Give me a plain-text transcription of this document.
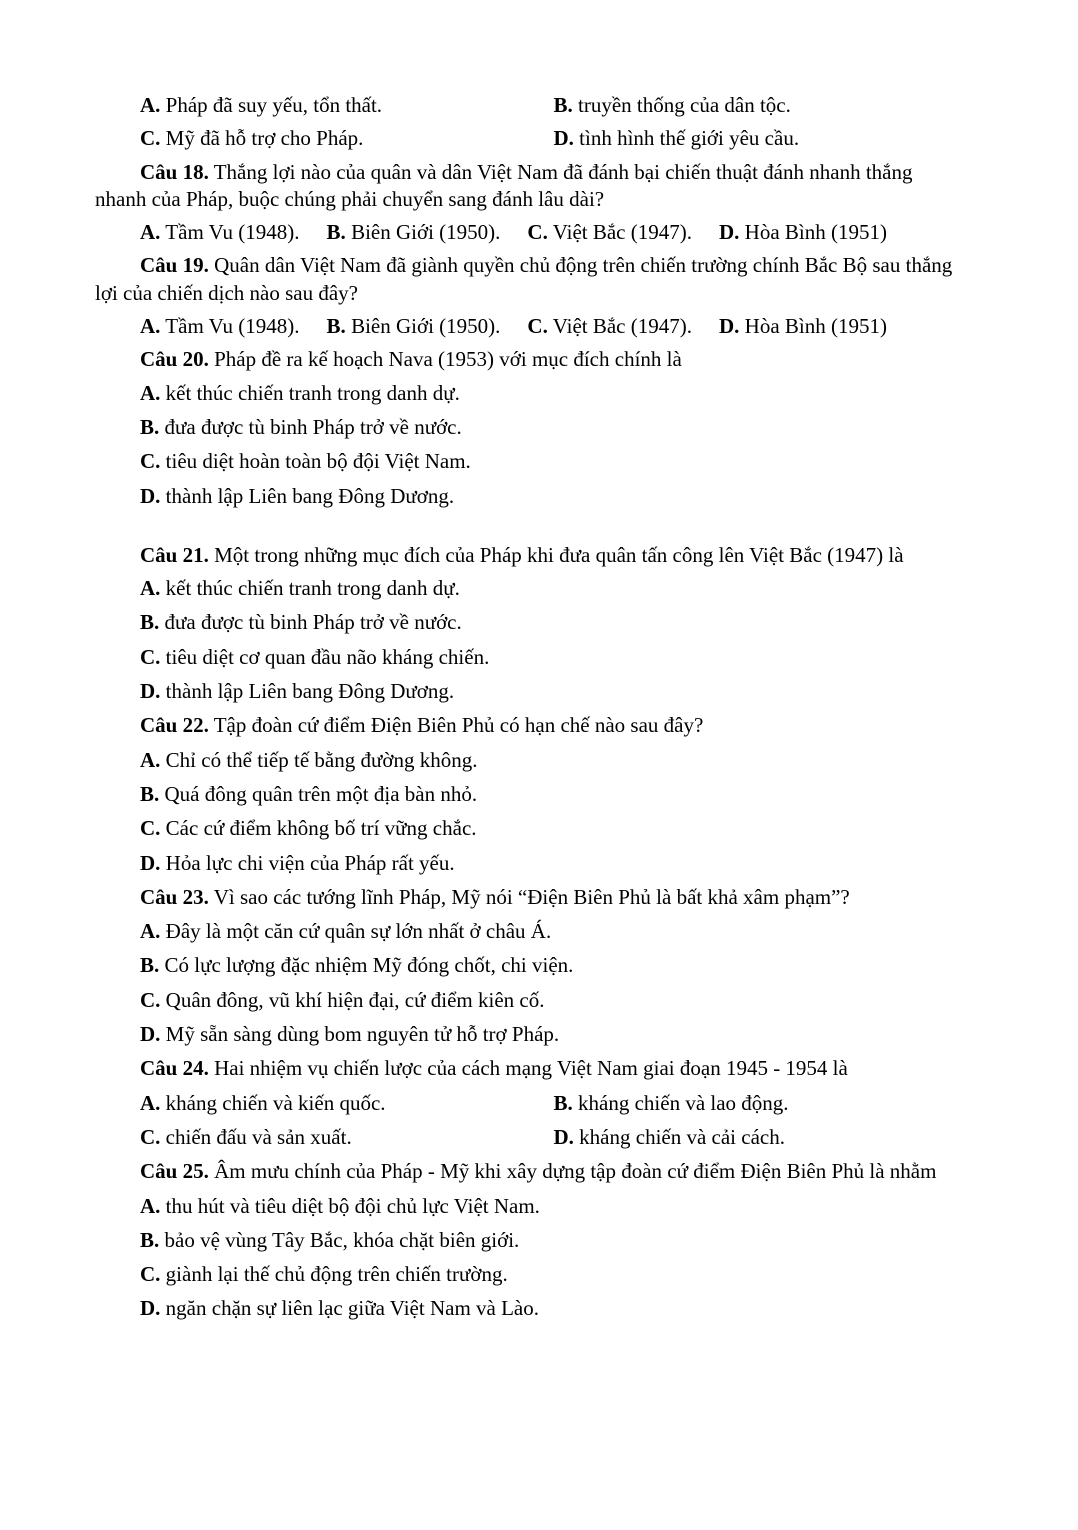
A. Pháp đã suy yếu, tổn thất.	B. truyền thống của dân tộc.
C. Mỹ đã hỗ trợ cho Pháp.	D. tình hình thế giới yêu cầu.

Câu 18. Thắng lợi nào của quân và dân Việt Nam đã đánh bại chiến thuật đánh nhanh thắng nhanh của Pháp, buộc chúng phải chuyển sang đánh lâu dài?

A. Tầm Vu (1948). B. Biên Giới (1950). C. Việt Bắc (1947). D. Hòa Bình (1951)

Câu 19. Quân dân Việt Nam đã giành quyền chủ động trên chiến trường chính Bắc Bộ sau thắng lợi của chiến dịch nào sau đây?

A. Tầm Vu (1948). B. Biên Giới (1950). C. Việt Bắc (1947). D. Hòa Bình (1951)

Câu 20. Pháp đề ra kế hoạch Nava (1953) với mục đích chính là

A. kết thúc chiến tranh trong danh dự.
B. đưa được tù binh Pháp trở về nước.
C. tiêu diệt hoàn toàn bộ đội Việt Nam.
D. thành lập Liên bang Đông Dương.

Câu 21. Một trong những mục đích của Pháp khi đưa quân tấn công lên Việt Bắc (1947) là

A. kết thúc chiến tranh trong danh dự.
B. đưa được tù binh Pháp trở về nước.
C. tiêu diệt cơ quan đầu não kháng chiến.
D. thành lập Liên bang Đông Dương.

Câu 22. Tập đoàn cứ điểm Điện Biên Phủ có hạn chế nào sau đây?

A. Chỉ có thể tiếp tế bằng đường không.
B. Quá đông quân trên một địa bàn nhỏ.
C. Các cứ điểm không bố trí vững chắc.
D. Hỏa lực chi viện của Pháp rất yếu.

Câu 23. Vì sao các tướng lĩnh Pháp, Mỹ nói “Điện Biên Phủ là bất khả xâm phạm”?

A. Đây là một căn cứ quân sự lớn nhất ở châu Á.
B. Có lực lượng đặc nhiệm Mỹ đóng chốt, chi viện.
C. Quân đông, vũ khí hiện đại, cứ điểm kiên cố.
D. Mỹ sẵn sàng dùng bom nguyên tử hỗ trợ Pháp.

Câu 24. Hai nhiệm vụ chiến lược của cách mạng Việt Nam giai đoạn 1945 - 1954 là

A. kháng chiến và kiến quốc.	B. kháng chiến và lao động.
C. chiến đấu và sản xuất.	D. kháng chiến và cải cách.

Câu 25. Âm mưu chính của Pháp - Mỹ khi xây dựng tập đoàn cứ điểm Điện Biên Phủ là nhằm

A. thu hút và tiêu diệt bộ đội chủ lực Việt Nam.
B. bảo vệ vùng Tây Bắc, khóa chặt biên giới.
C. giành lại thế chủ động trên chiến trường.
D. ngăn chặn sự liên lạc giữa Việt Nam và Lào.
